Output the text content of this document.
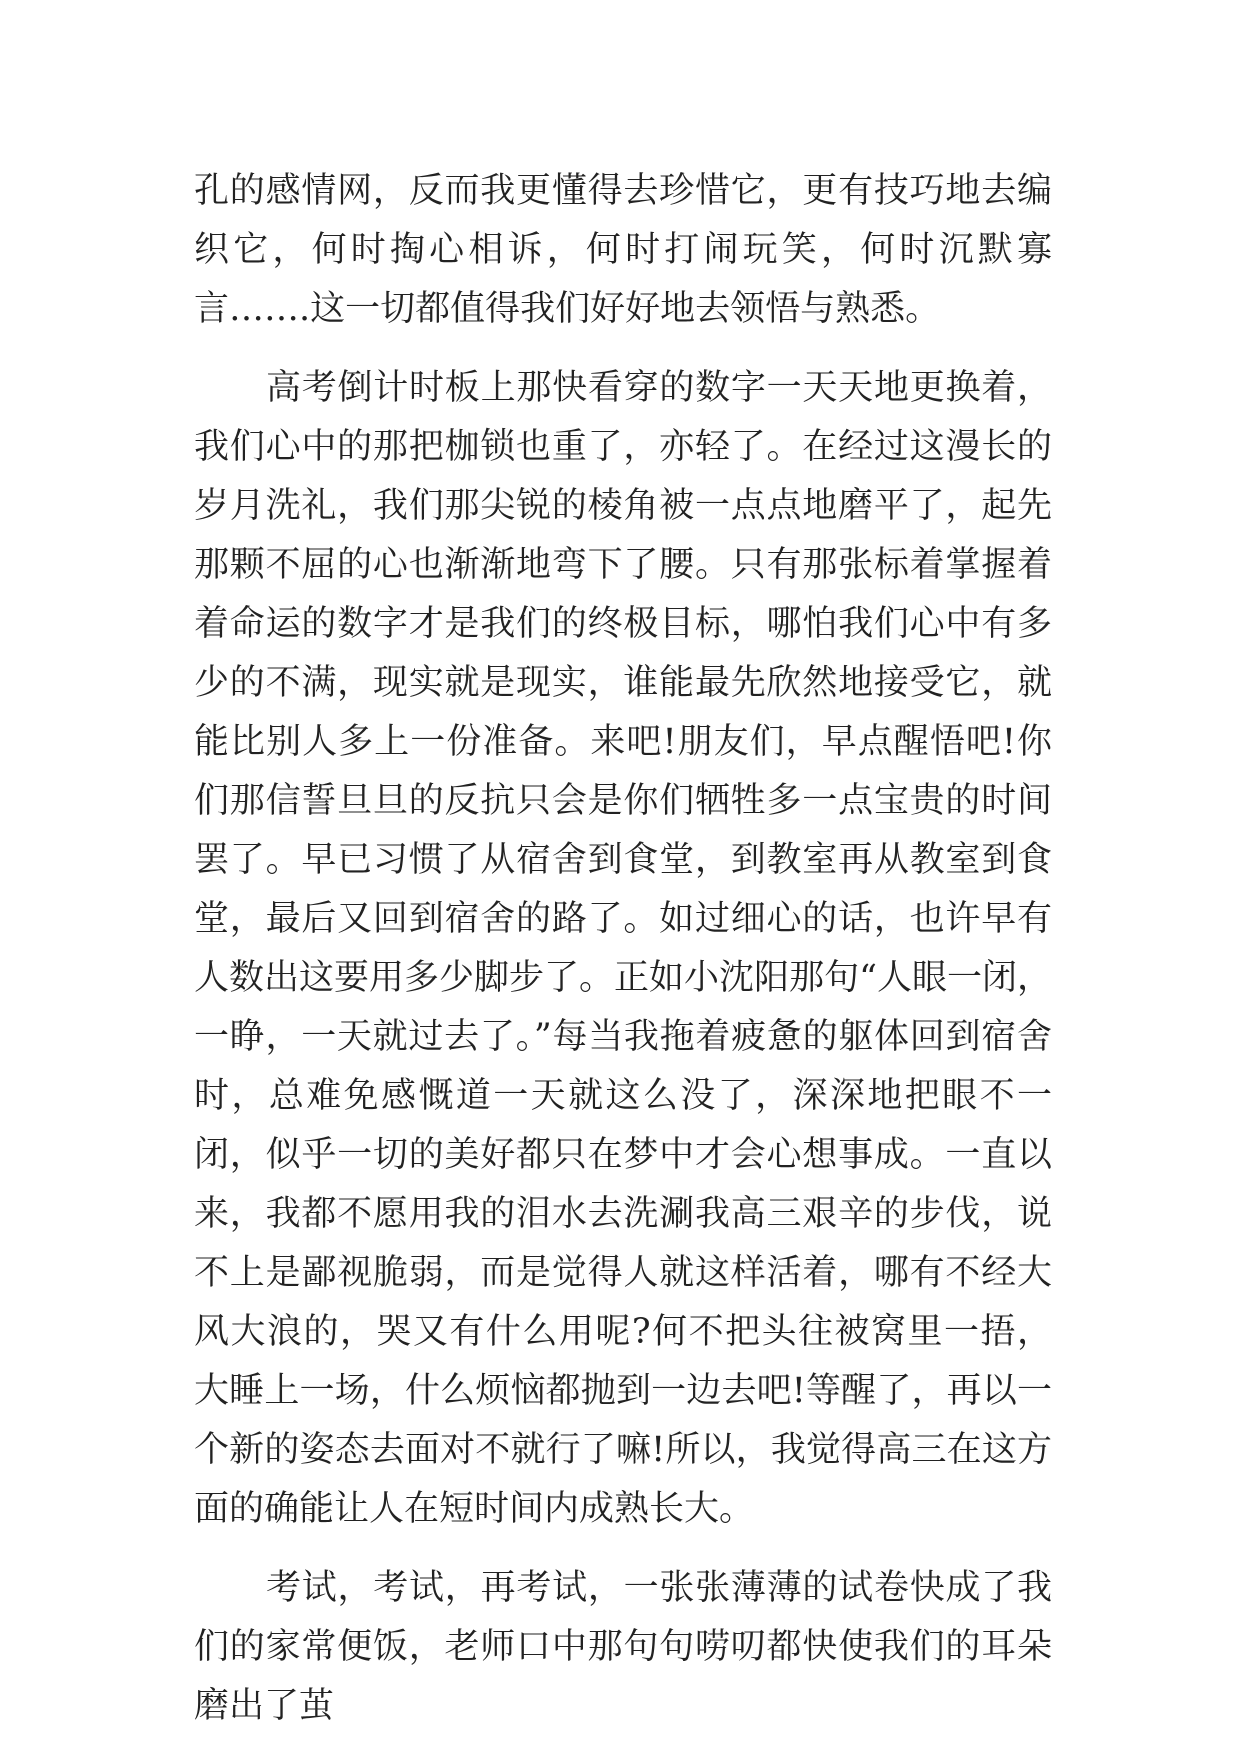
孔的感情网，反而我更懂得去珍惜它，更有技巧地去编织它，何时掏心相诉，何时打闹玩笑，何时沉默寡言…….这一切都值得我们好好地去领悟与熟悉。

高考倒计时板上那快看穿的数字一天天地更换着，我们心中的那把枷锁也重了，亦轻了。在经过这漫长的岁月洗礼，我们那尖锐的棱角被一点点地磨平了，起先那颗不屈的心也渐渐地弯下了腰。只有那张标着掌握着着命运的数字才是我们的终极目标，哪怕我们心中有多少的不满，现实就是现实，谁能最先欣然地接受它，就能比别人多上一份准备。来吧!朋友们，早点醒悟吧!你们那信誓旦旦的反抗只会是你们牺牲多一点宝贵的时间罢了。早已习惯了从宿舍到食堂，到教室再从教室到食堂，最后又回到宿舍的路了。如过细心的话，也许早有人数出这要用多少脚步了。正如小沈阳那句“人眼一闭，一睁，一天就过去了。”每当我拖着疲惫的躯体回到宿舍时，总难免感慨道一天就这么没了，深深地把眼不一闭，似乎一切的美好都只在梦中才会心想事成。一直以来，我都不愿用我的泪水去洗涮我高三艰辛的步伐，说不上是鄙视脆弱，而是觉得人就这样活着，哪有不经大风大浪的，哭又有什么用呢?何不把头往被窝里一捂，大睡上一场，什么烦恼都抛到一边去吧!等醒了，再以一个新的姿态去面对不就行了嘛!所以，我觉得高三在这方面的确能让人在短时间内成熟长大。

考试，考试，再考试，一张张薄薄的试卷快成了我们的家常便饭，老师口中那句句唠叨都快使我们的耳朵磨出了茧
